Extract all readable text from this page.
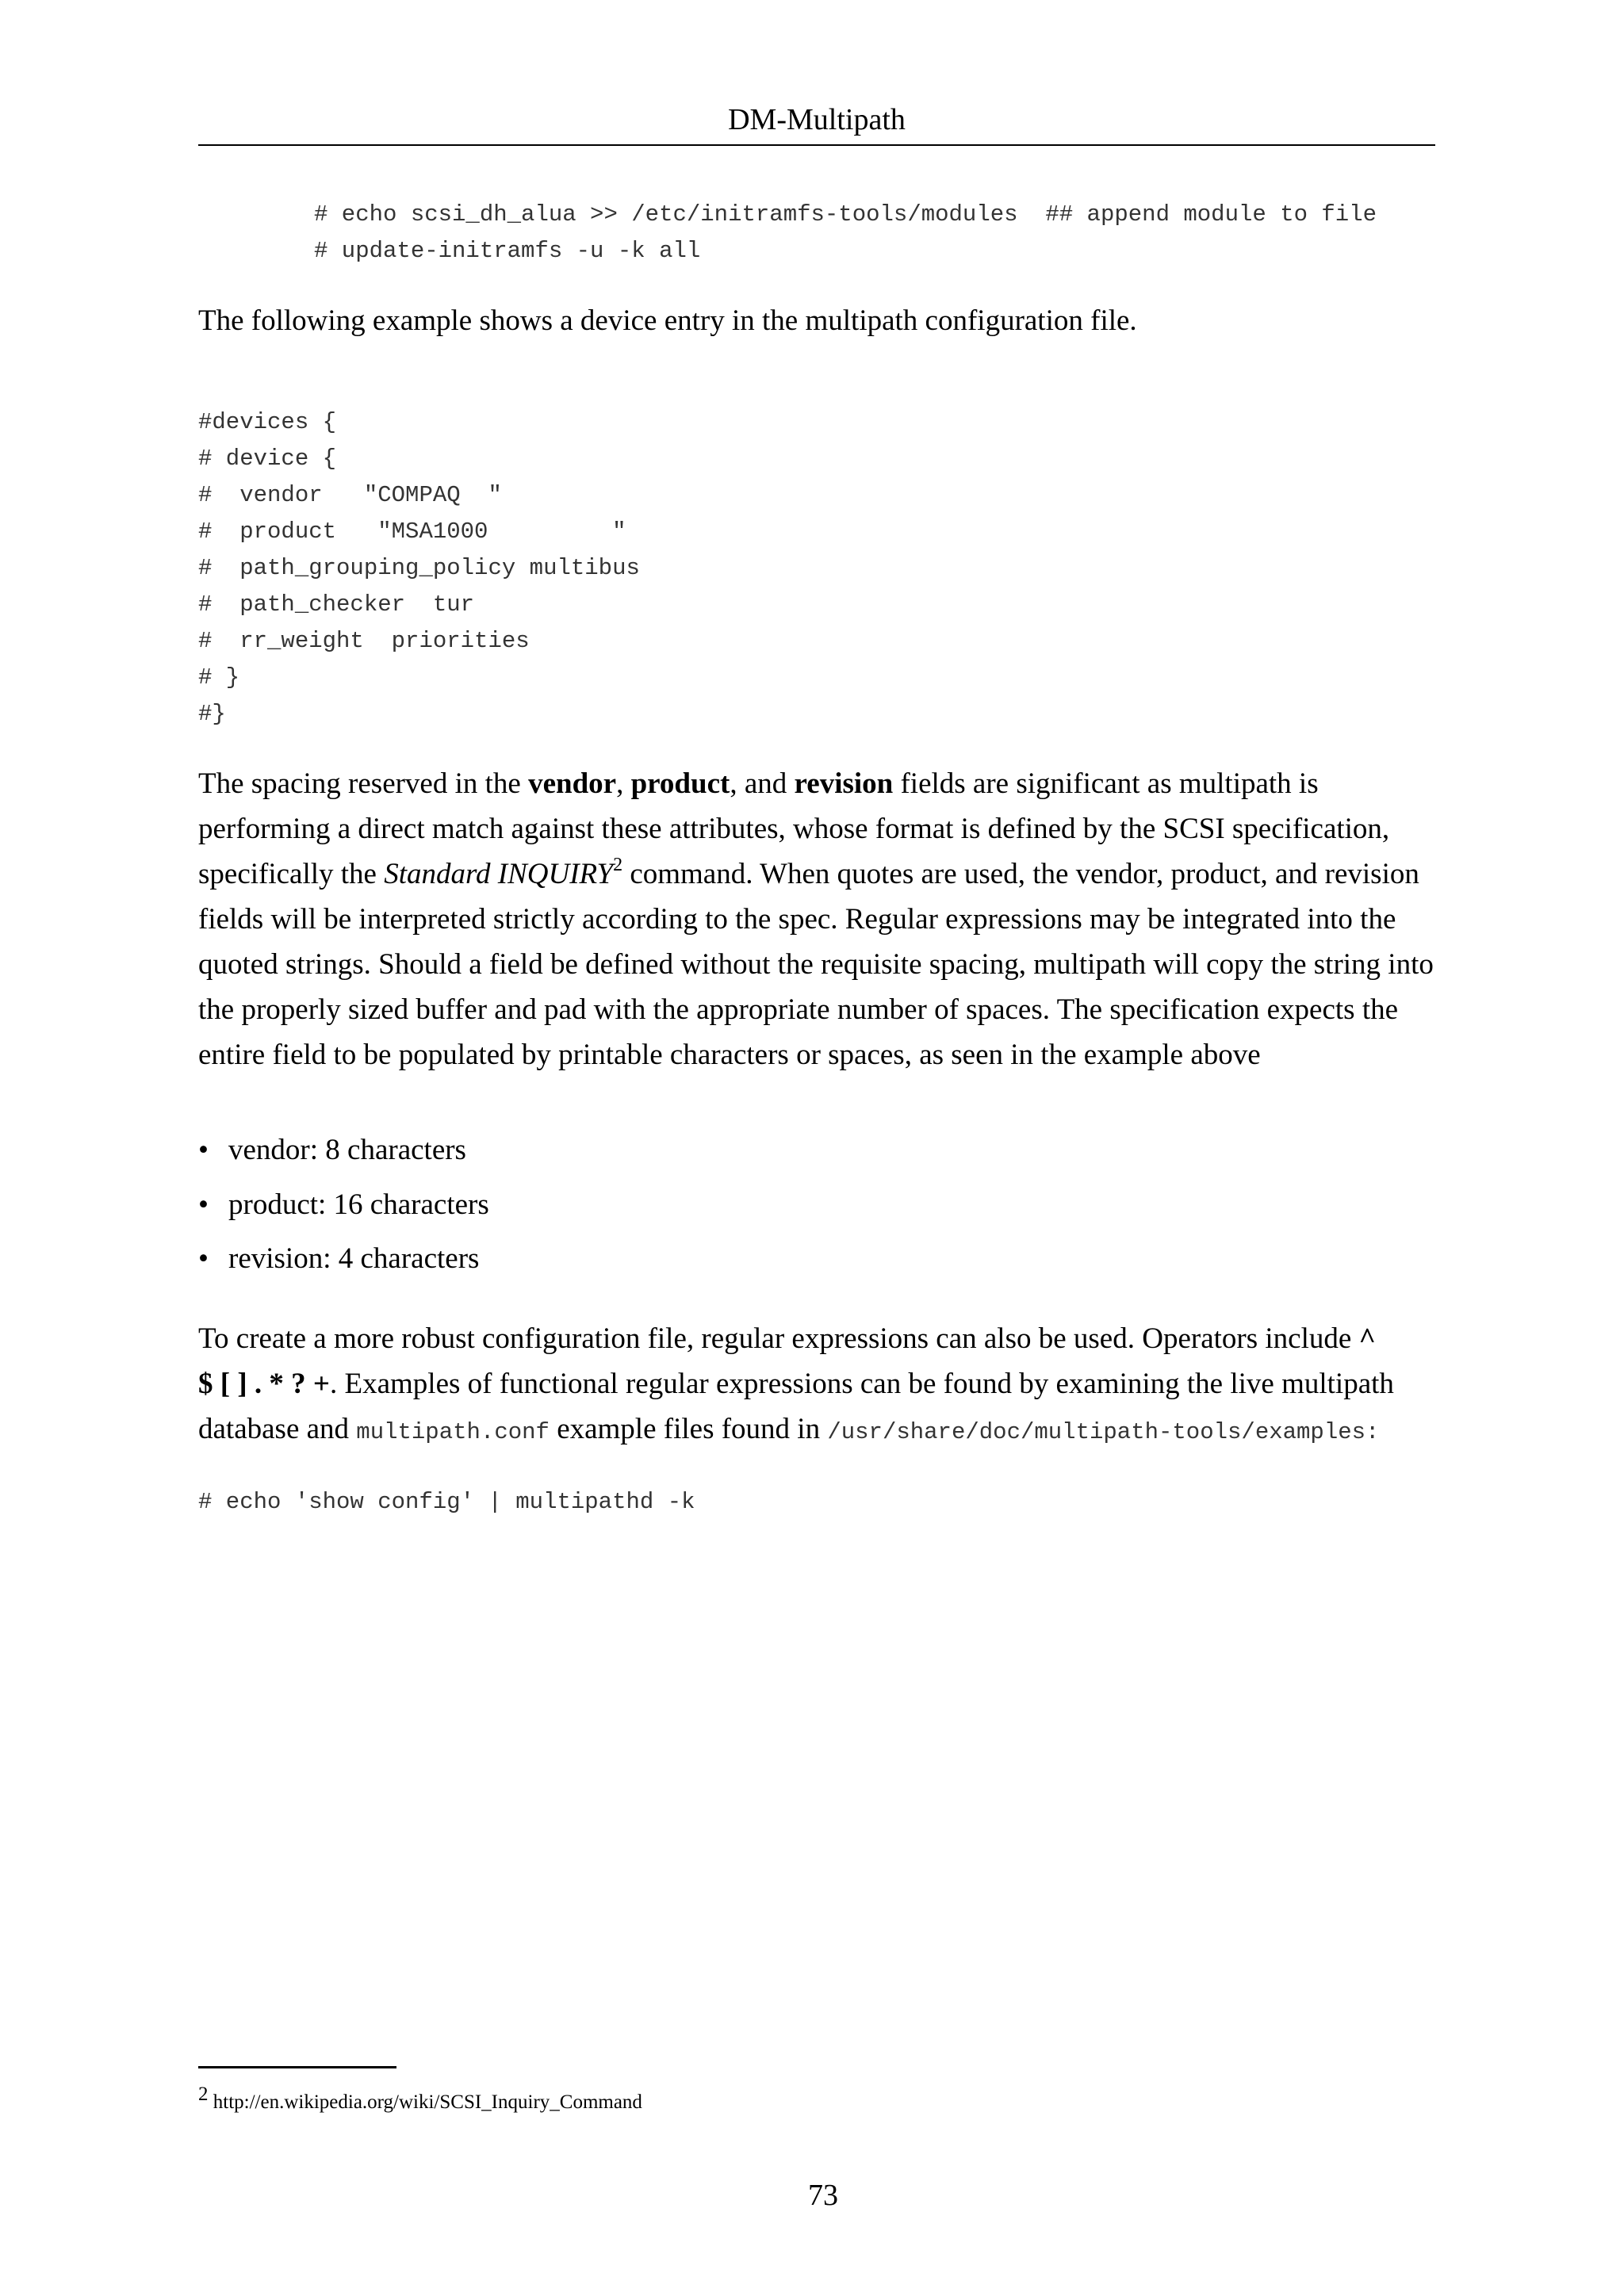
DM-Multipath
# echo scsi_dh_alua >> /etc/initramfs-tools/modules  ## append module to file
# update-initramfs -u -k all

The following example shows a device entry in the multipath configuration file.

#devices {
# device {
#  vendor   "COMPAQ  "
#  product   "MSA1000         "
#  path_grouping_policy multibus
#  path_checker  tur
#  rr_weight  priorities
# }
#}

The spacing reserved in the vendor, product, and revision fields are significant as multipath is performing a direct match against these attributes, whose format is defined by the SCSI specification, specifically the Standard INQUIRY$^2$ command. When quotes are used, the vendor, product, and revision fields will be interpreted strictly according to the spec. Regular expressions may be integrated into the quoted strings. Should a field be defined without the requisite spacing, multipath will copy the string into the properly sized buffer and pad with the appropriate number of spaces. The specification expects the entire field to be populated by printable characters or spaces, as seen in the example above

• vendor: 8 characters
• product: 16 characters
• revision: 4 characters

To create a more robust configuration file, regular expressions can also be used. Operators include ^
$ [ ] . * ? +. Examples of functional regular expressions can be found by examining the live multipath database and multipath.conf example files found in /usr/share/doc/multipath-tools/examples:

# echo 'show config' | multipathd -k
2 http://en.wikipedia.org/wiki/SCSI_Inquiry_Command
73
